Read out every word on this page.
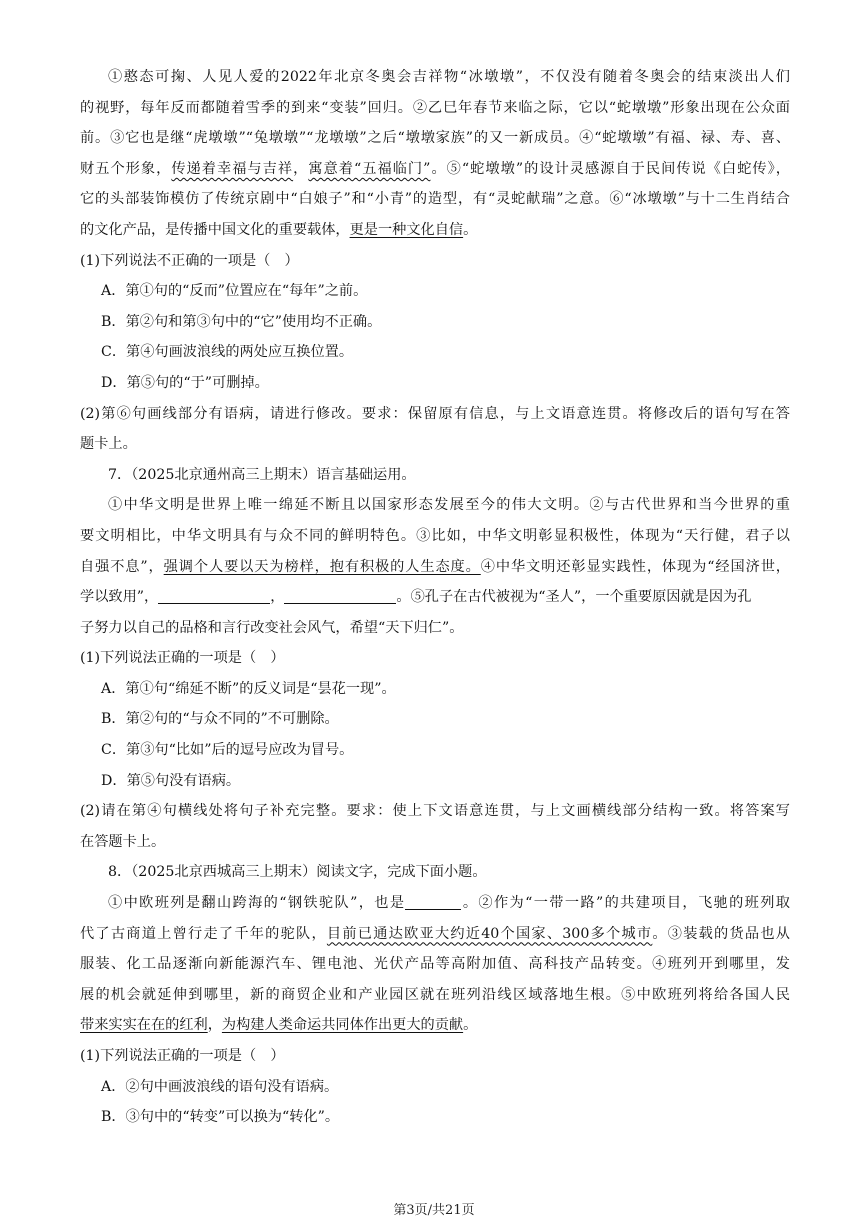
①憨态可掬、人见人爱的2022年北京冬奥会吉祥物“冰墩墩”，不仅没有随着冬奥会的结束淡出人们
的视野，每年反而都随着雪季的到来“变装”回归。②乙巳年春节来临之际，它以“蛇墩墩”形象出现在公众面
前。③它也是继“虎墩墩”“兔墩墩”“龙墩墩”之后“墩墩家族”的又一新成员。④“蛇墩墩”有福、禄、寿、喜、
财五个形象，传递着幸福与吉祥，寓意着“五福临门”。⑤“蛇墩墩”的设计灵感源自于民间传说《白蛇传》，
它的头部装饰模仿了传统京剧中“白娘子”和“小青”的造型，有“灵蛇献瑞”之意。⑥“冰墩墩”与十二生肖结合
的文化产品，是传播中国文化的重要载体，更是一种文化自信。
(1)下列说法不正确的一项是（　）
A．第①句的“反而”位置应在“每年”之前。
B．第②句和第③句中的“它”使用均不正确。
C．第④句画波浪线的两处应互换位置。
D．第⑤句的“于”可删掉。
(2)第⑥句画线部分有语病，请进行修改。要求：保留原有信息，与上文语意连贯。将修改后的语句写在答
题卡上。
7．（2025北京通州高三上期末）语言基础运用。
①中华文明是世界上唯一绵延不断且以国家形态发展至今的伟大文明。②与古代世界和当今世界的重
要文明相比，中华文明具有与众不同的鲜明特色。③比如，中华文明彰显积极性，体现为“天行健，君子以
自强不息”，强调个人要以天为榜样，抱有积极的人生态度。④中华文明还彰显实践性，体现为“经国济世，
学以致用”，	，	。⑤孔子在古代被视为“圣人”，一个重要原因就是因为孔
子努力以自己的品格和言行改变社会风气，希望“天下归仁”。
(1)下列说法正确的一项是（　）
A．第①句“绵延不断”的反义词是“昙花一现”。
B．第②句的“与众不同的”不可删除。
C．第③句“比如”后的逗号应改为冒号。
D．第⑤句没有语病。
(2)请在第④句横线处将句子补充完整。要求：使上下文语意连贯，与上文画横线部分结构一致。将答案写
在答题卡上。
8．（2025北京西城高三上期末）阅读文字，完成下面小题。
①中欧班列是翻山跨海的“钢铁驼队”，也是	。②作为“一带一路”的共建项目，飞驰的班列取
代了古商道上曾行走了千年的驼队，目前已通达欧亚大约近40个国家、300多个城市。③装载的货品也从
服装、化工品逐渐向新能源汽车、锂电池、光伏产品等高附加值、高科技产品转变。④班列开到哪里，发
展的机会就延伸到哪里，新的商贸企业和产业园区就在班列沿线区域落地生根。⑤中欧班列将给各国人民
带来实实在在的红利，为构建人类命运共同体作出更大的贡献。
(1)下列说法正确的一项是（　）
A．②句中画波浪线的语句没有语病。
B．③句中的“转变”可以换为“转化”。
第3页/共21页
